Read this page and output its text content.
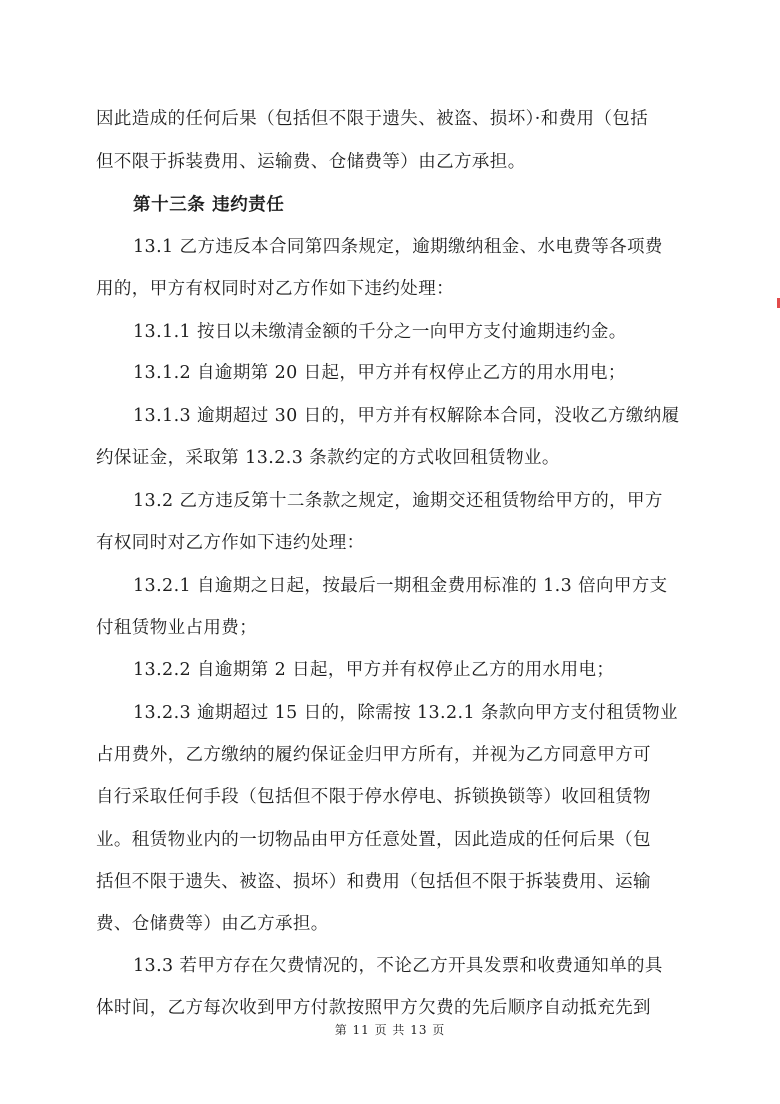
因此造成的任何后果（包括但不限于遗失、被盗、损坏）·和费用（包括
但不限于拆装费用、运输费、仓储费等）由乙方承担。
第十三条 违约责任
13.1 乙方违反本合同第四条规定，逾期缴纳租金、水电费等各项费
用的，甲方有权同时对乙方作如下违约处理：
13.1.1 按日以未缴清金额的千分之一向甲方支付逾期违约金。
13.1.2 自逾期第 20 日起，甲方并有权停止乙方的用水用电；
13.1.3 逾期超过 30 日的，甲方并有权解除本合同，没收乙方缴纳履
约保证金，采取第 13.2.3 条款约定的方式收回租赁物业。
13.2 乙方违反第十二条款之规定，逾期交还租赁物给甲方的，甲方
有权同时对乙方作如下违约处理：
13.2.1 自逾期之日起，按最后一期租金费用标准的 1.3 倍向甲方支
付租赁物业占用费；
13.2.2 自逾期第 2 日起，甲方并有权停止乙方的用水用电；
13.2.3 逾期超过 15 日的，除需按 13.2.1 条款向甲方支付租赁物业
占用费外，乙方缴纳的履约保证金归甲方所有，并视为乙方同意甲方可
自行采取任何手段（包括但不限于停水停电、拆锁换锁等）收回租赁物
业。租赁物业内的一切物品由甲方任意处置，因此造成的任何后果（包
括但不限于遗失、被盗、损坏）和费用（包括但不限于拆装费用、运输
费、仓储费等）由乙方承担。
13.3 若甲方存在欠费情况的，不论乙方开具发票和收费通知单的具
体时间，乙方每次收到甲方付款按照甲方欠费的先后顺序自动抵充先到
第 11 页 共 13 页
